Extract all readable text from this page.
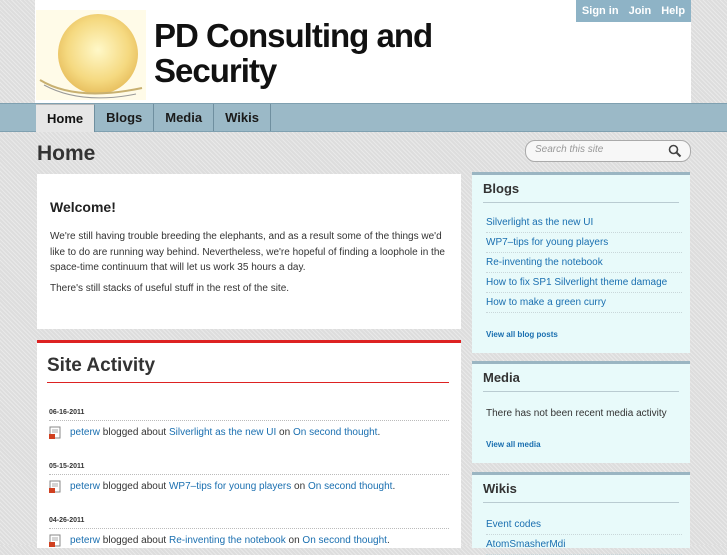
PD Consulting and
Security
Sign in Join Help
Home	Blogs	Media	Wikis
Home	Search this site
Welcome!

We're still having trouble breeding the elephants, and as a result some of the things we'd like to do are running way behind. Nevertheless, we're hopeful of finding a loophole in the space-time continuum that will let us work 35 hours a day.

There's still stacks of useful stuff in the rest of the site.

Site Activity
06-16-2011
peterw
blogged about
Silverlight as the new UI
on
On second thought .
05-15-2011
peterw
blogged about
WP7–tips for young players
on
On second thought .
04-26-2011
peterw
blogged about
Re-inventing the notebook
on
On second thought .
Blogs
Silverlight as the new UI
WP7–tips for young players
Re-inventing the notebook
How to fix SP1 Silverlight theme damage
How to make a green curry
View all blog posts
Media
There has not been recent media activity
View all media
Wikis
Event codes
AtomSmasherMdi
